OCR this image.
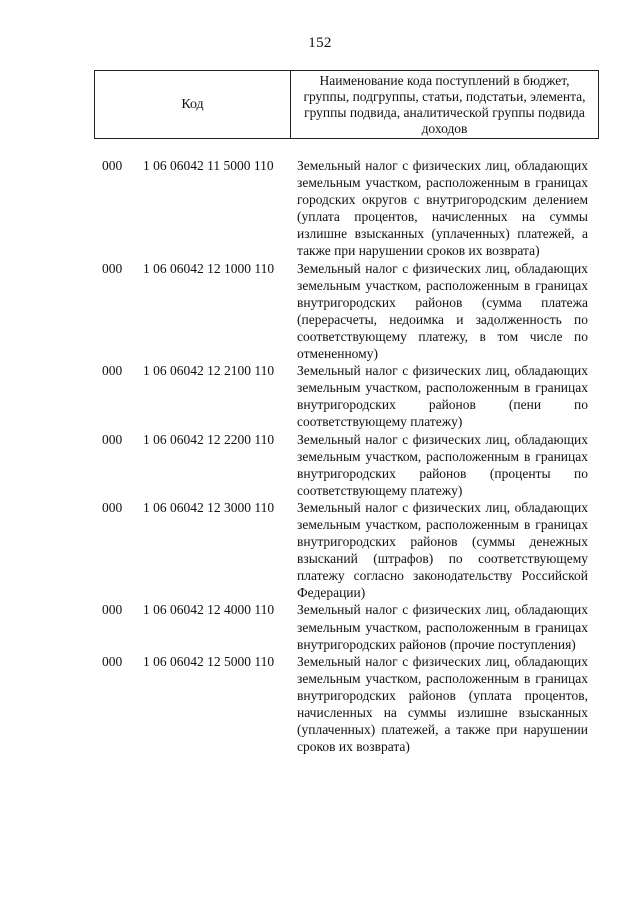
152
Код
Наименование кода поступлений в бюджет, группы, подгруппы, статьи, подстатьи, элемента, группы подвида, аналитической группы подвида доходов
000 1 06 06042 11 5000 110 Земельный налог с физических лиц, обладающих земельным участком, расположенным в границах городских округов с внутригородским делением (уплата процентов, начисленных на суммы излишне взысканных (уплаченных) платежей, а также при нарушении сроков их возврата)
000 1 06 06042 12 1000 110 Земельный налог с физических лиц, обладающих земельным участком, расположенным в границах внутригородских районов (сумма платежа (перерасчеты, недоимка и задолженность по соответствующему платежу, в том числе по отмененному)
000 1 06 06042 12 2100 110 Земельный налог с физических лиц, обладающих земельным участком, расположенным в границах внутригородских районов (пени по соответствующему платежу)
000 1 06 06042 12 2200 110 Земельный налог с физических лиц, обладающих земельным участком, расположенным в границах внутригородских районов (проценты по соответствующему платежу)
000 1 06 06042 12 3000 110 Земельный налог с физических лиц, обладающих земельным участком, расположенным в границах внутригородских районов (суммы денежных взысканий (штрафов) по соответствующему платежу согласно законодательству Российской Федерации)
000 1 06 06042 12 4000 110 Земельный налог с физических лиц, обладающих земельным участком, расположенным в границах внутригородских районов (прочие поступления)
000 1 06 06042 12 5000 110 Земельный налог с физических лиц, обладающих земельным участком, расположенным в границах внутригородских районов (уплата процентов, начисленных на суммы излишне взысканных (уплаченных) платежей, а также при нарушении сроков их возврата)
